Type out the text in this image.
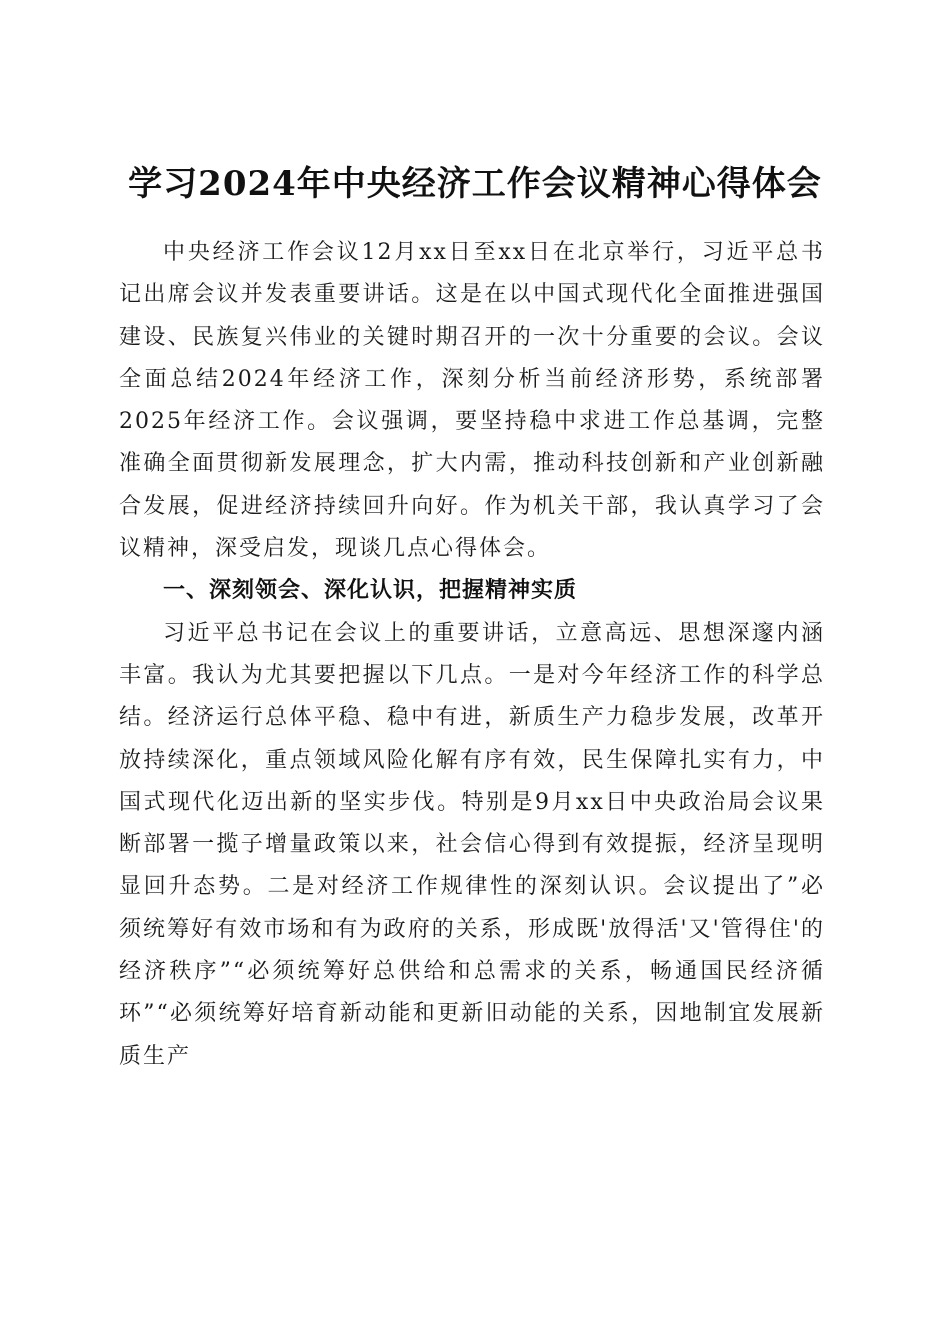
学习2024年中央经济工作会议精神心得体会

中央经济工作会议12月xx日至xx日在北京举行，习近平总书记出席会议并发表重要讲话。这是在以中国式现代化全面推进强国建设、民族复兴伟业的关键时期召开的一次十分重要的会议。会议全面总结2024年经济工作，深刻分析当前经济形势，系统部署2025年经济工作。会议强调，要坚持稳中求进工作总基调，完整准确全面贯彻新发展理念，扩大内需，推动科技创新和产业创新融合发展，促进经济持续回升向好。作为机关干部，我认真学习了会议精神，深受启发，现谈几点心得体会。

一、深刻领会、深化认识，把握精神实质

习近平总书记在会议上的重要讲话，立意高远、思想深邃内涵丰富。我认为尤其要把握以下几点。一是对今年经济工作的科学总结。经济运行总体平稳、稳中有进，新质生产力稳步发展，改革开放持续深化，重点领域风险化解有序有效，民生保障扎实有力，中国式现代化迈出新的坚实步伐。特别是9月xx日中央政治局会议果断部署一揽子增量政策以来，社会信心得到有效提振，经济呈现明显回升态势。二是对经济工作规律性的深刻认识。会议提出了”必须统筹好有效市场和有为政府的关系，形成既'放得活'又'管得住'的经济秩序”“必须统筹好总供给和总需求的关系，畅通国民经济循环”“必须统筹好培育新动能和更新旧动能的关系，因地制宜发展新质生产
